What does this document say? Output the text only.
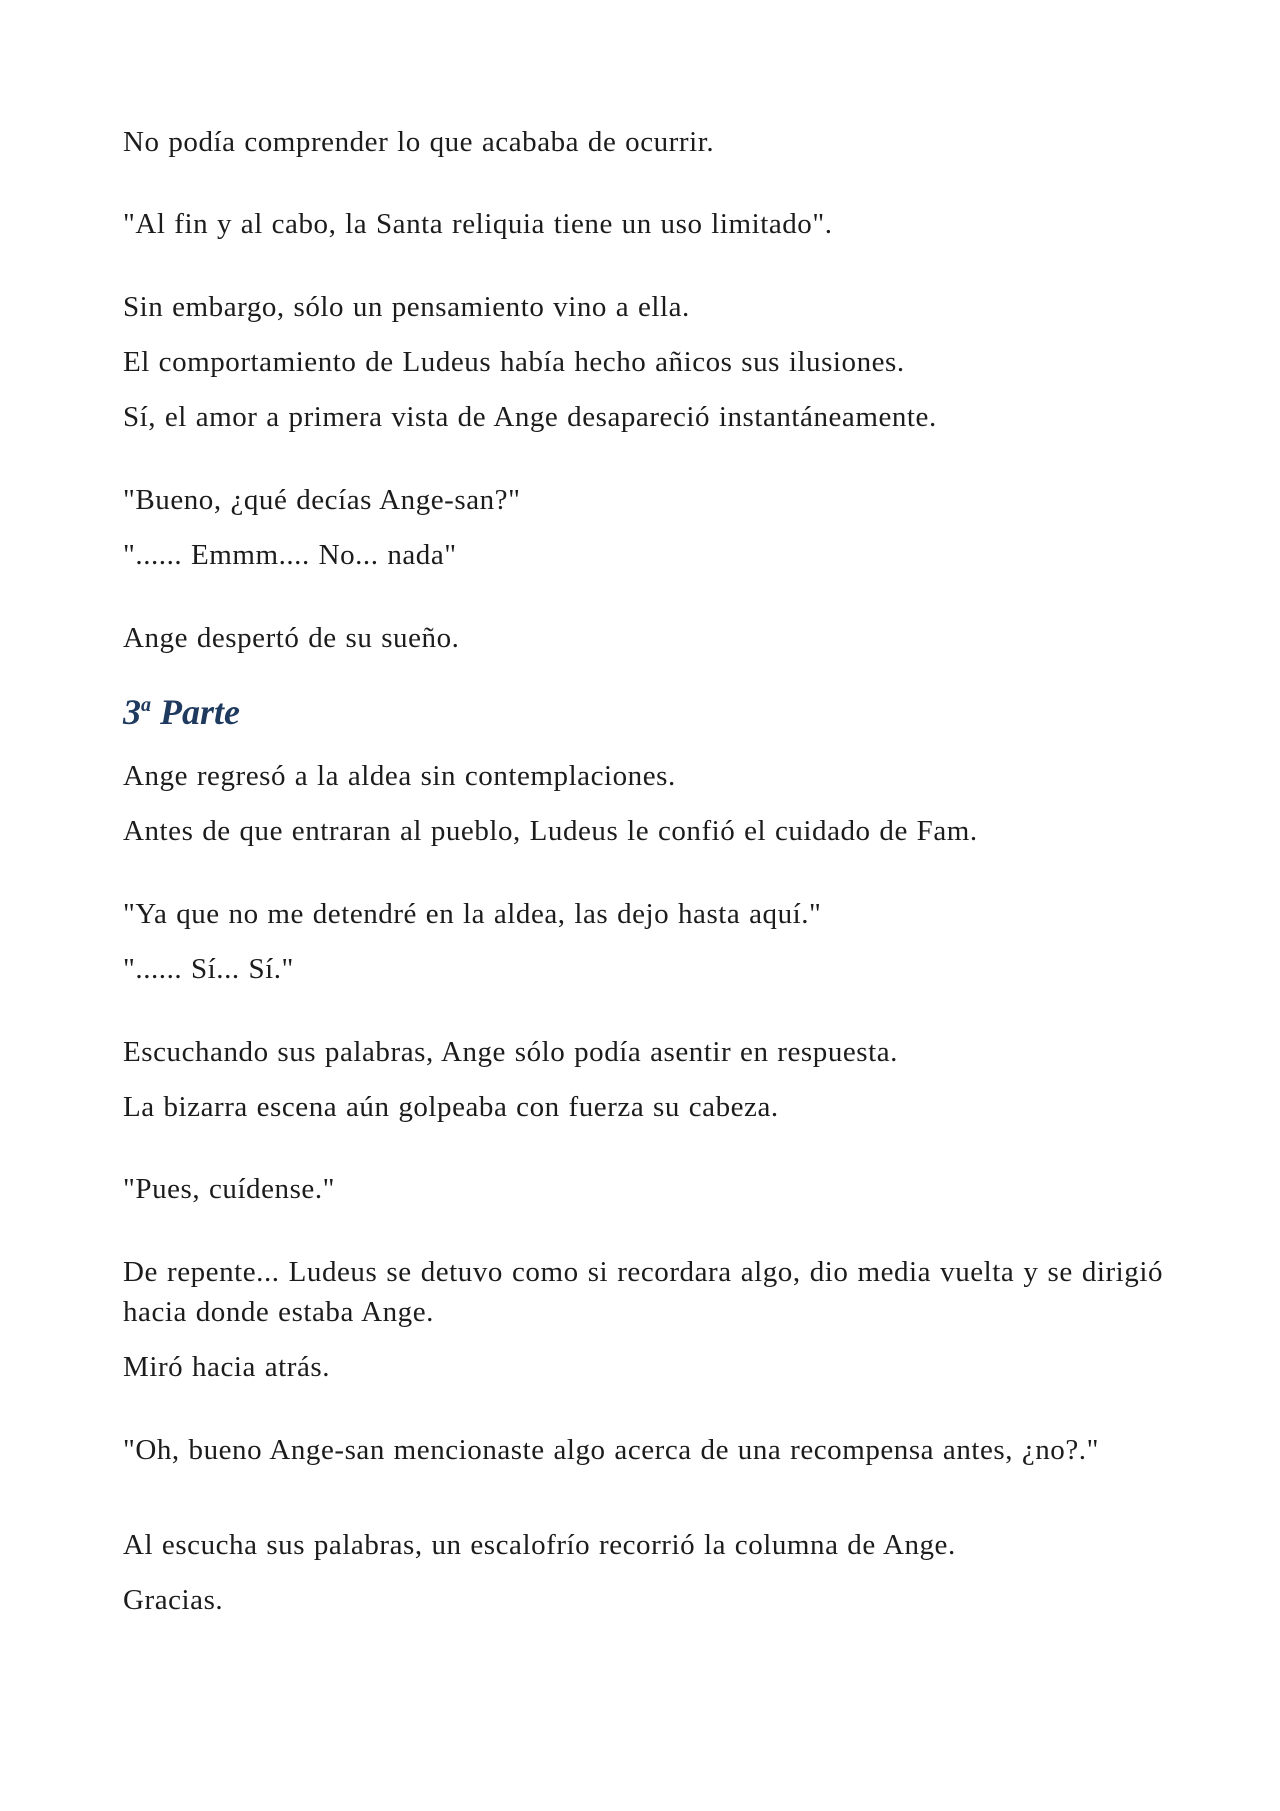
No podía comprender lo que acababa de ocurrir.
"Al fin y al cabo, la Santa reliquia tiene un uso limitado".
Sin embargo, sólo un pensamiento vino a ella.
El comportamiento de Ludeus había hecho añicos sus ilusiones.
Sí, el amor a primera vista de Ange desapareció instantáneamente.
"Bueno, ¿qué decías Ange-san?"
"...... Emmm.... No... nada"
Ange despertó de su sueño.
3$^a$ Parte
Ange regresó a la aldea sin contemplaciones.
Antes de que entraran al pueblo, Ludeus le confió el cuidado de Fam.
"Ya que no me detendré en la aldea, las dejo hasta aquí."
"...... Sí... Sí."
Escuchando sus palabras, Ange sólo podía asentir en respuesta.
La bizarra escena aún golpeaba con fuerza su cabeza.
"Pues, cuídense."
De repente... Ludeus se detuvo como si recordara algo, dio media vuelta y se dirigió hacia donde estaba Ange.
Miró hacia atrás.
"Oh, bueno Ange-san mencionaste algo acerca de una recompensa antes, ¿no?."
Al escucha sus palabras, un escalofrío recorrió la columna de Ange.
Gracias.
